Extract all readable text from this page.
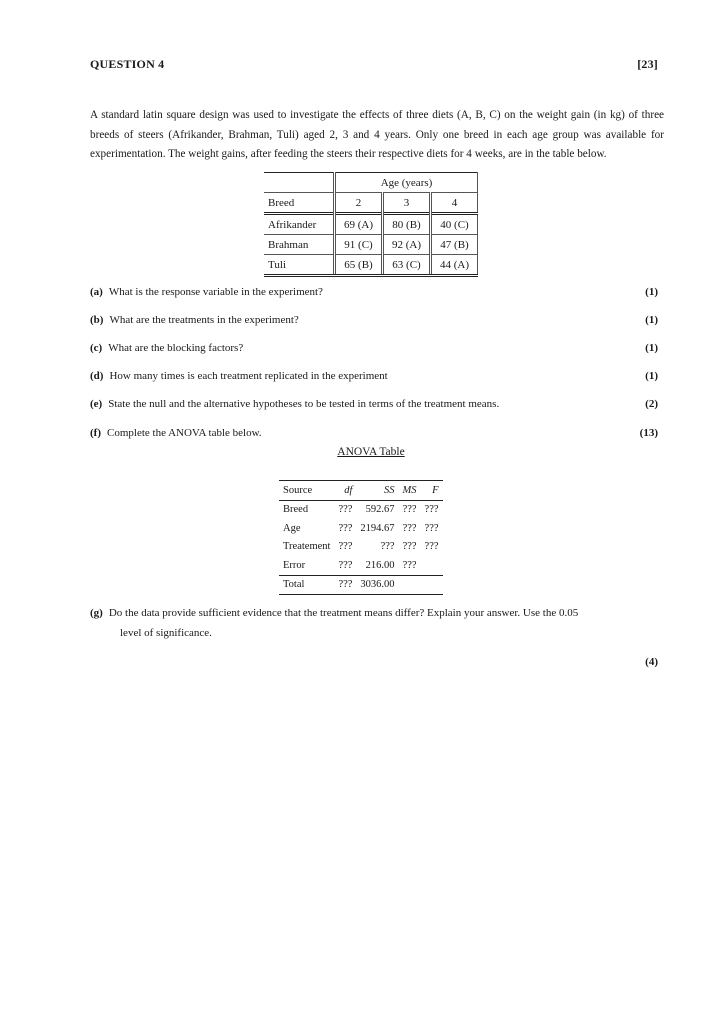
QUESTION 4	[23]
A standard latin square design was used to investigate the effects of three diets (A, B, C) on the weight gain (in kg) of three breeds of steers (Afrikander, Brahman, Tuli) aged 2, 3 and 4 years. Only one breed in each age group was available for experimentation. The weight gains, after feeding the steers their respective diets for 4 weeks, are in the table below.
	Age (years)		
Breed	2	3	4
Afrikander	69 (A)	80 (B)	40 (C)
Brahman	91 (C)	92 (A)	47 (B)
Tuli	65 (B)	63 (C)	44 (A)
(a) What is the response variable in the experiment?	(1)
(b) What are the treatments in the experiment?	(1)
(c) What are the blocking factors?	(1)
(d) How many times is each treatment replicated in the experiment	(1)
(e) State the null and the alternative hypotheses to be tested in terms of the treatment means.	(2)
(f) Complete the ANOVA table below.	(13)
ANOVA Table
Source	df	SS	MS	F
Breed	???	592.67	???	???
Age	???	2194.67	???	???
Treatement	???	???	???	???
Error	???	216.00	???	
Total	???	3036.00		
(g) Do the data provide sufficient evidence that the treatment means differ? Explain your answer. Use the 0.05
level of significance.
(4)
